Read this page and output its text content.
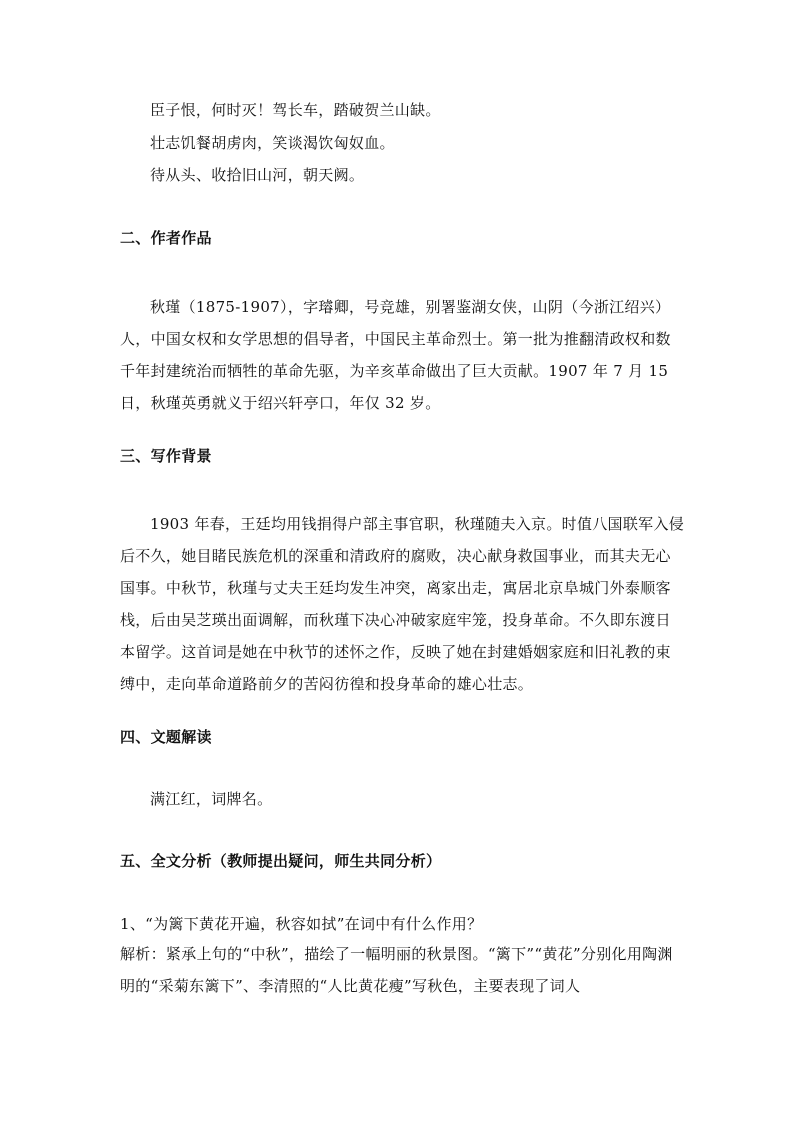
臣子恨，何时灭！驾长车，踏破贺兰山缺。
壮志饥餐胡虏肉，笑谈渴饮匈奴血。
待从头、收拾旧山河，朝天阙。
二、作者作品
秋瑾（1875-1907），字璿卿，号竞雄，别署鉴湖女侠，山阴（今浙江绍兴）人，中国女权和女学思想的倡导者，中国民主革命烈士。第一批为推翻清政权和数千年封建统治而牺牲的革命先驱，为辛亥革命做出了巨大贡献。1907 年 7 月 15 日，秋瑾英勇就义于绍兴轩亭口，年仅 32 岁。
三、写作背景
1903 年春，王廷均用钱捐得户部主事官职，秋瑾随夫入京。时值八国联军入侵后不久，她目睹民族危机的深重和清政府的腐败，决心献身救国事业，而其夫无心国事。中秋节，秋瑾与丈夫王廷均发生冲突，离家出走，寓居北京阜城门外泰顺客栈，后由吴芝瑛出面调解，而秋瑾下决心冲破家庭牢笼，投身革命。不久即东渡日本留学。这首词是她在中秋节的述怀之作，反映了她在封建婚姻家庭和旧礼教的束缚中，走向革命道路前夕的苦闷彷徨和投身革命的雄心壮志。
四、文题解读
满江红，词牌名。
五、全文分析（教师提出疑问，师生共同分析）
1、“为篱下黄花开遍，秋容如拭”在词中有什么作用？
解析：紧承上句的“中秋”，描绘了一幅明丽的秋景图。“篱下”“黄花”分别化用陶渊明的“采菊东篱下”、李清照的“人比黄花瘦”写秋色，主要表现了词人
